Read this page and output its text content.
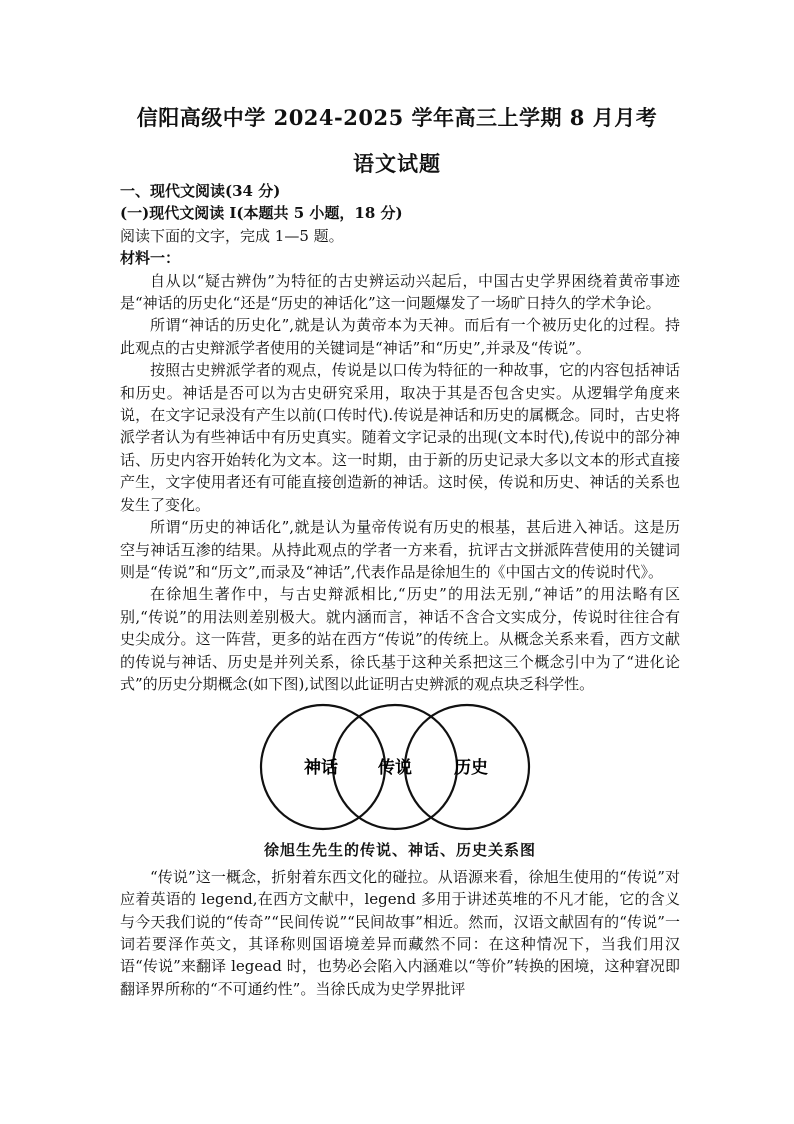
信阳高级中学 2024-2025 学年高三上学期 8 月月考
语文试题

一、现代文阅读(34 分)

(一)现代文阅读 I(本题共 5 小题，18 分)

阅读下面的文字，完成 1—5 题。

材料一：

自从以“疑古辨伪”为特征的古史辨运动兴起后，中国古史学界困绕着黄帝事迹是“神话的历史化“还是“历史的神话化”这一问题爆发了一场旷日持久的学术争论。

所谓“神话的历史化”,就是认为黄帝本为天神。而后有一个被历史化的过程。持此观点的古史辩派学者使用的关键词是“神话”和“历史”,并录及“传说”。

按照古史辨派学者的观点，传说是以口传为特征的一种故事，它的内容包括神话和历史。神话是否可以为古史研究采用，取决于其是否包含史实。从逻辑学角度来说，在文字记录没有产生以前(口传时代).传说是神话和历史的属概念。同时，古史将派学者认为有些神话中有历史真实。随着文字记录的出现(文本时代),传说中的部分神话、历史内容开始转化为文本。这一时期，由于新的历史记录大多以文本的形式直接产生，文字使用者还有可能直接创造新的神话。这时侯，传说和历史、神话的关系也发生了变化。

所谓“历史的神话化”,就是认为量帝传说有历史的根基，甚后进入神话。这是历空与神话互渗的结果。从持此观点的学者一方来看，抗评古文拼派阵营使用的关键词则是“传说”和“历文”,而录及“神话”,代表作品是徐旭生的《中国古文的传说时代》。

在徐旭生著作中，与古史辩派相比,“历史”的用法无别,“神话”的用法略有区别,“传说”的用法则差别极大。就内涵而言，神话不含合文实成分，传说时往往合有史尖成分。这一阵营，更多的站在西方“传说”的传统上。从概念关系来看，西方文献的传说与神话、历史是并列关系，徐氏基于这种关系把这三个概念引中为了“进化论式”的历史分期概念(如下图),试图以此证明古史辨派的观点块乏科学性。

神话 传说 历史

徐旭生先生的传说、神话、历史关系图

“传说”这一概念，折射着东西文化的碰拉。从语源来看，徐旭生使用的“传说”对应着英语的 legend,在西方文献中，legend 多用于讲述英堆的不凡才能，它的含义与今天我们说的“传奇”“民间传说”“民间故事”相近。然而，汉语文献固有的“传说”一词若要泽作英文，其译称则国语境差异而藏然不同：在这种情况下，当我们用汉语“传说”来翻译 legead 时，也势必会陷入内涵难以“等价”转换的困境，这种窘况即翻译界所称的“不可通约性”。当徐氏成为史学界批评
